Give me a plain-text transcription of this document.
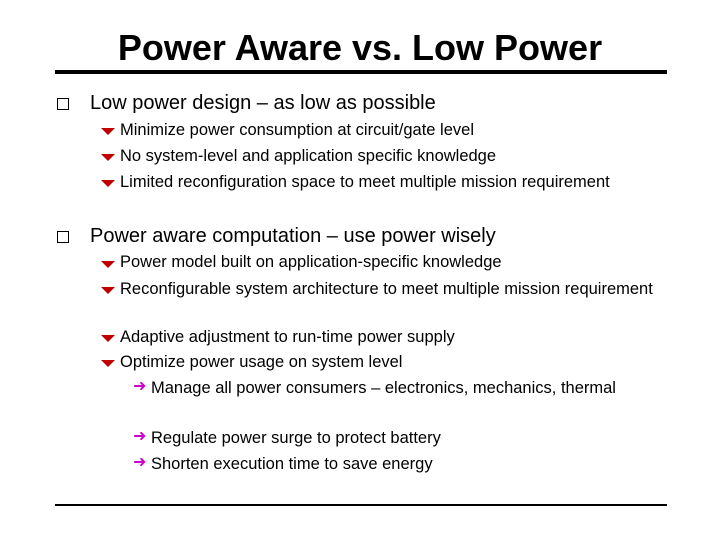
Power Aware vs. Low Power
Low power design – as low as possible
Minimize power consumption at circuit/gate level
No system-level and application specific knowledge
Limited reconfiguration space to meet multiple mission requirement
Power aware computation – use power wisely
Power model built on application-specific knowledge
Reconfigurable system architecture to meet multiple mission requirement
Adaptive adjustment to run-time power supply
Optimize power usage on system level
➜ Manage all power consumers – electronics, mechanics, thermal
➜ Regulate power surge to protect battery
➜ Shorten execution time to save energy
